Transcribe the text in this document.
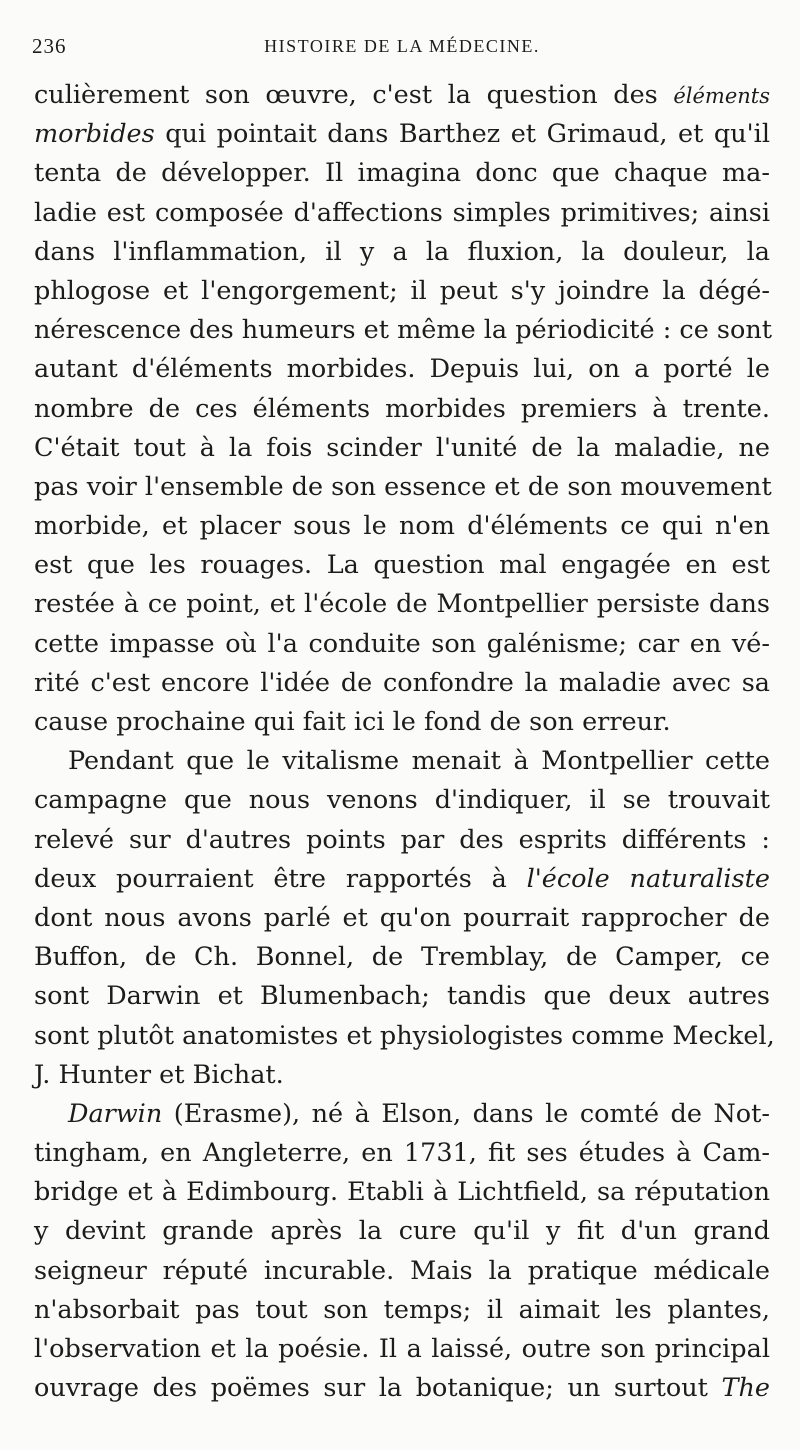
236	HISTOIRE DE LA MÉDECINE.
culièrement son œuvre, c'est la question des éléments
morbides qui pointait dans Barthez et Grimaud, et qu'il
tenta de développer. Il imagina donc que chaque ma-
ladie est composée d'affections simples primitives; ainsi
dans l'inflammation, il y a la fluxion, la douleur, la
phlogose et l'engorgement; il peut s'y joindre la dégé-
nérescence des humeurs et même la périodicité : ce sont
autant d'éléments morbides. Depuis lui, on a porté le
nombre de ces éléments morbides premiers à trente.
C'était tout à la fois scinder l'unité de la maladie, ne
pas voir l'ensemble de son essence et de son mouvement
morbide, et placer sous le nom d'éléments ce qui n'en
est que les rouages. La question mal engagée en est
restée à ce point, et l'école de Montpellier persiste dans
cette impasse où l'a conduite son galénisme; car en vé-
rité c'est encore l'idée de confondre la maladie avec sa
cause prochaine qui fait ici le fond de son erreur.
Pendant que le vitalisme menait à Montpellier cette
campagne que nous venons d'indiquer, il se trouvait
relevé sur d'autres points par des esprits différents :
deux pourraient être rapportés à l'école naturaliste
dont nous avons parlé et qu'on pourrait rapprocher de
Buffon, de Ch. Bonnel, de Tremblay, de Camper, ce
sont Darwin et Blumenbach; tandis que deux autres
sont plutôt anatomistes et physiologistes comme Meckel,
J. Hunter et Bichat.
Darwin (Erasme), né à Elson, dans le comté de Not-
tingham, en Angleterre, en 1731, fit ses études à Cam-
bridge et à Edimbourg. Etabli à Lichtfield, sa réputation
y devint grande après la cure qu'il y fit d'un grand
seigneur réputé incurable. Mais la pratique médicale
n'absorbait pas tout son temps; il aimait les plantes,
l'observation et la poésie. Il a laissé, outre son principal
ouvrage des poëmes sur la botanique; un surtout The
